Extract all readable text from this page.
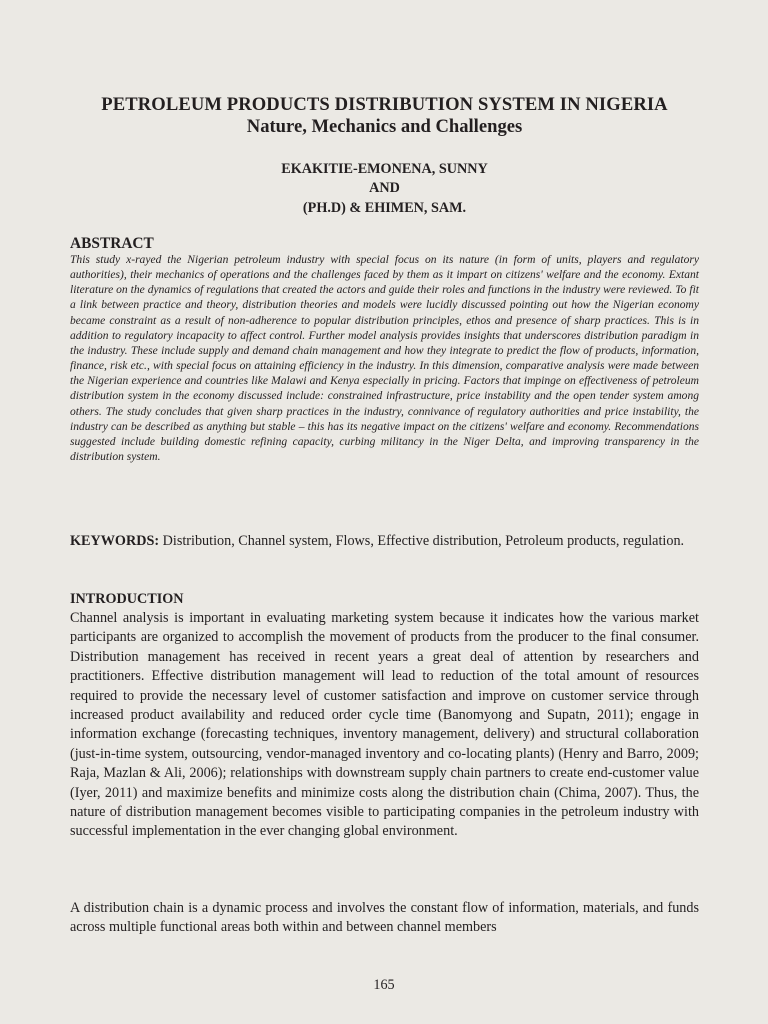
PETROLEUM PRODUCTS DISTRIBUTION SYSTEM IN NIGERIA
Nature, Mechanics and Challenges
EKAKITIE-EMONENA, SUNNY
AND
(PH.D) & EHIMEN, SAM.
ABSTRACT

This study x-rayed the Nigerian petroleum industry with special focus on its nature (in form of units, players and regulatory authorities), their mechanics of operations and the challenges faced by them as it impart on citizens' welfare and the economy. Extant literature on the dynamics of regulations that created the actors and guide their roles and functions in the industry were reviewed. To fit a link between practice and theory, distribution theories and models were lucidly discussed pointing out how the Nigerian economy became constraint as a result of non-adherence to popular distribution principles, ethos and presence of sharp practices. This is in addition to regulatory incapacity to affect control. Further model analysis provides insights that underscores distribution paradigm in the industry. These include supply and demand chain management and how they integrate to predict the flow of products, information, finance, risk etc., with special focus on attaining efficiency in the industry. In this dimension, comparative analysis were made between the Nigerian experience and countries like Malawi and Kenya especially in pricing. Factors that impinge on effectiveness of petroleum distribution system in the economy discussed include: constrained infrastructure, price instability and the open tender system among others. The study concludes that given sharp practices in the industry, connivance of regulatory authorities and price instability, the industry can be described as anything but stable – this has its negative impact on the citizens' welfare and economy. Recommendations suggested include building domestic refining capacity, curbing militancy in the Niger Delta, and improving transparency in the distribution system.

KEYWORDS: Distribution, Channel system, Flows, Effective distribution, Petroleum products, regulation.

INTRODUCTION

Channel analysis is important in evaluating marketing system because it indicates how the various market participants are organized to accomplish the movement of products from the producer to the final consumer. Distribution management has received in recent years a great deal of attention by researchers and practitioners. Effective distribution management will lead to reduction of the total amount of resources required to provide the necessary level of customer satisfaction and improve on customer service through increased product availability and reduced order cycle time (Banomyong and Supatn, 2011); engage in information exchange (forecasting techniques, inventory management, delivery) and structural collaboration (just-in-time system, outsourcing, vendor-managed inventory and co-locating plants) (Henry and Barro, 2009; Raja, Mazlan & Ali, 2006); relationships with downstream supply chain partners to create end-customer value (Iyer, 2011) and maximize benefits and minimize costs along the distribution chain (Chima, 2007). Thus, the nature of distribution management becomes visible to participating companies in the petroleum industry with successful implementation in the ever changing global environment.

A distribution chain is a dynamic process and involves the constant flow of information, materials, and funds across multiple functional areas both within and between channel members

165
